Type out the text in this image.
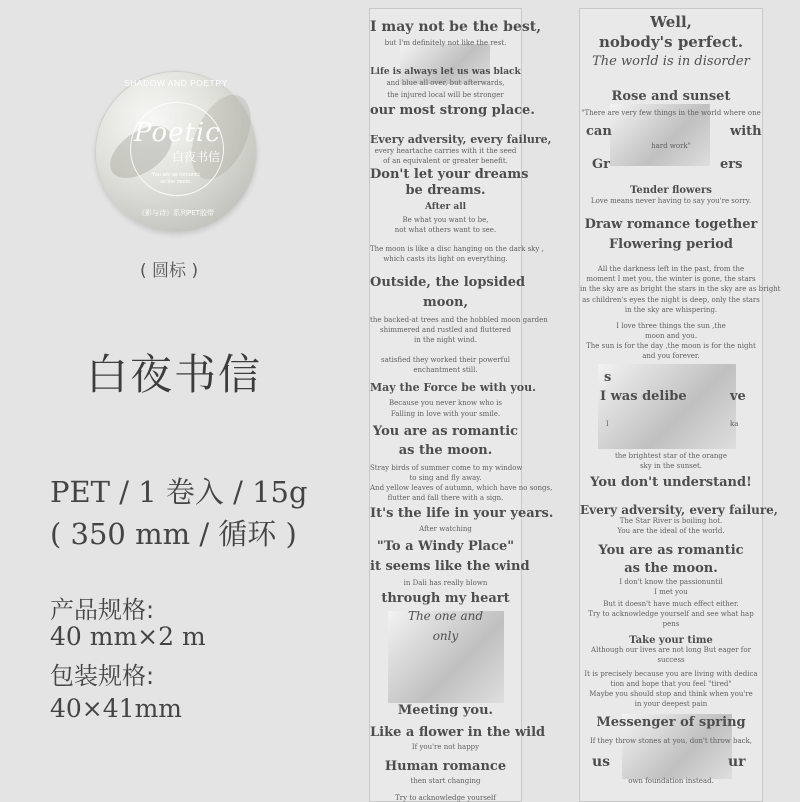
SHADOW AND POETRY
Poetic
白夜书信
You are as romantic
as the moon.
《影与诗》系列PET胶带
( 圆标 )
白夜书信
PET / 1 卷入 / 15g
( 350 mm / 循环 )
产品规格:
40 mm×2 m
包装规格:
40×41mm
I may not be the best,
but I'm definitely not like the rest.
Life is always let us was black
and blue all over, but afterwards,
the injured local will be stronger
our most strong place.
Every adversity, every failure,
every heartache carries with it the seed
of an equivalent or greater benefit.
Don't let your dreams
be dreams.
After all
Be what you want to be,
not what others want to see.
The moon is like a disc hanging on the dark sky ,
which casts its light on everything.
Outside, the lopsided
moon,
the backed-at trees and the hobbled moon garden
shimmered and rustled and fluttered
in the night wind.
satisfied they worked their powerful
enchantment still.
May the Force be with you.
Because you never know who is
Falling in love with your smile.
You are as romantic
as the moon.
Stray birds of summer come to my window
to sing and fly away.
And yellow leaves of autumn, which have no songs,
flutter and fall there with a sign.
It's the life in your years.
After watching
"To a Windy Place"
it seems like the wind
in Dali has really blown
through my heart
The one and
only
Meeting you.
Like a flower in the wild
If you're not happy
Human romance
then start changing
Try to acknowledge yourself
Well,
nobody's perfect.
The world is in disorder
Rose and sunset
"There are very few things in the world where one
can	with
hard work"
Gr	ers
Tender flowers
Love means never having to say you're sorry.
Draw romance together
Flowering period
All the darkness left in the past, from the
moment I met you, the winter is gone, the stars
in the sky are as bright the stars in the sky are as bright
as children's eyes the night is deep, only the stars
in the sky are whispering.
I love three things the sun ,the
moon and you.
The sun is for the day ,the moon is for the night
and you forever.
s
I was delibe	ve
I	ka
the brightest star of the orange
sky in the sunset.
You don't understand!
Every adversity, every failure,
The Star River is boiling hot.
You are the ideal of the world.
You are as romantic
as the moon.
I don't know the passionuntil
I met you
But it doesn't have much effect either.
Try to acknowledge yourself and see what hap
pens
Take your time
Although our lives are not long But eager for
success
It is precisely because you are living with dedica
tion and hope that you feel "tired"
Maybe you should stop and think when you're
in your deepest pain
Messenger of spring
If they throw stones at you, don't throw back,
us	ur
own foundation instead.
